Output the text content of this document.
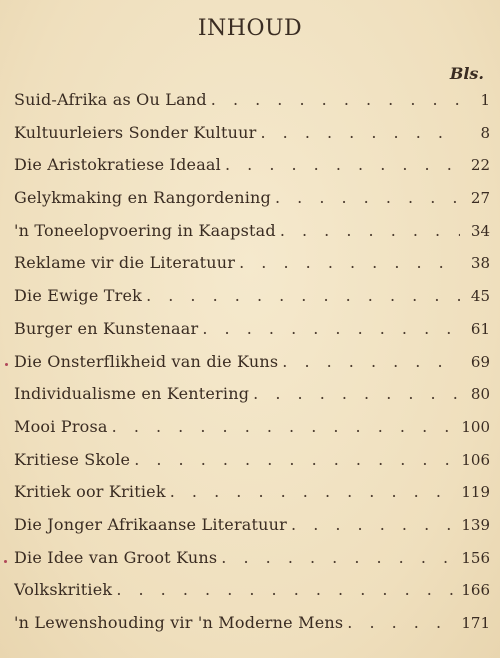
INHOUD
Bls.
Suid-Afrika as Ou Land . . .	1
Kultuurleiers Sonder Kultuur . . .	8
Die Aristokratiese Ideaal . . .	22
Gelykmaking en Rangordening . . .	27
'n Toneelopvoering in Kaapstad . . .	34
Reklame vir die Literatuur . . .	38
Die Ewige Trek . . .	45
Burger en Kunstenaar . . .	61
Die Onsterflikheid van die Kuns . . .	69
Individualisme en Kentering . . .	80
Mooi Prosa . . .	100
Kritiese Skole . . .	106
Kritiek oor Kritiek . . .	119
Die Jonger Afrikaanse Literatuur . . .	139
Die Idee van Groot Kuns . . .	156
Volkskritiek . . .	166
'n Lewenshouding vir 'n Moderne Mens . . .	171
